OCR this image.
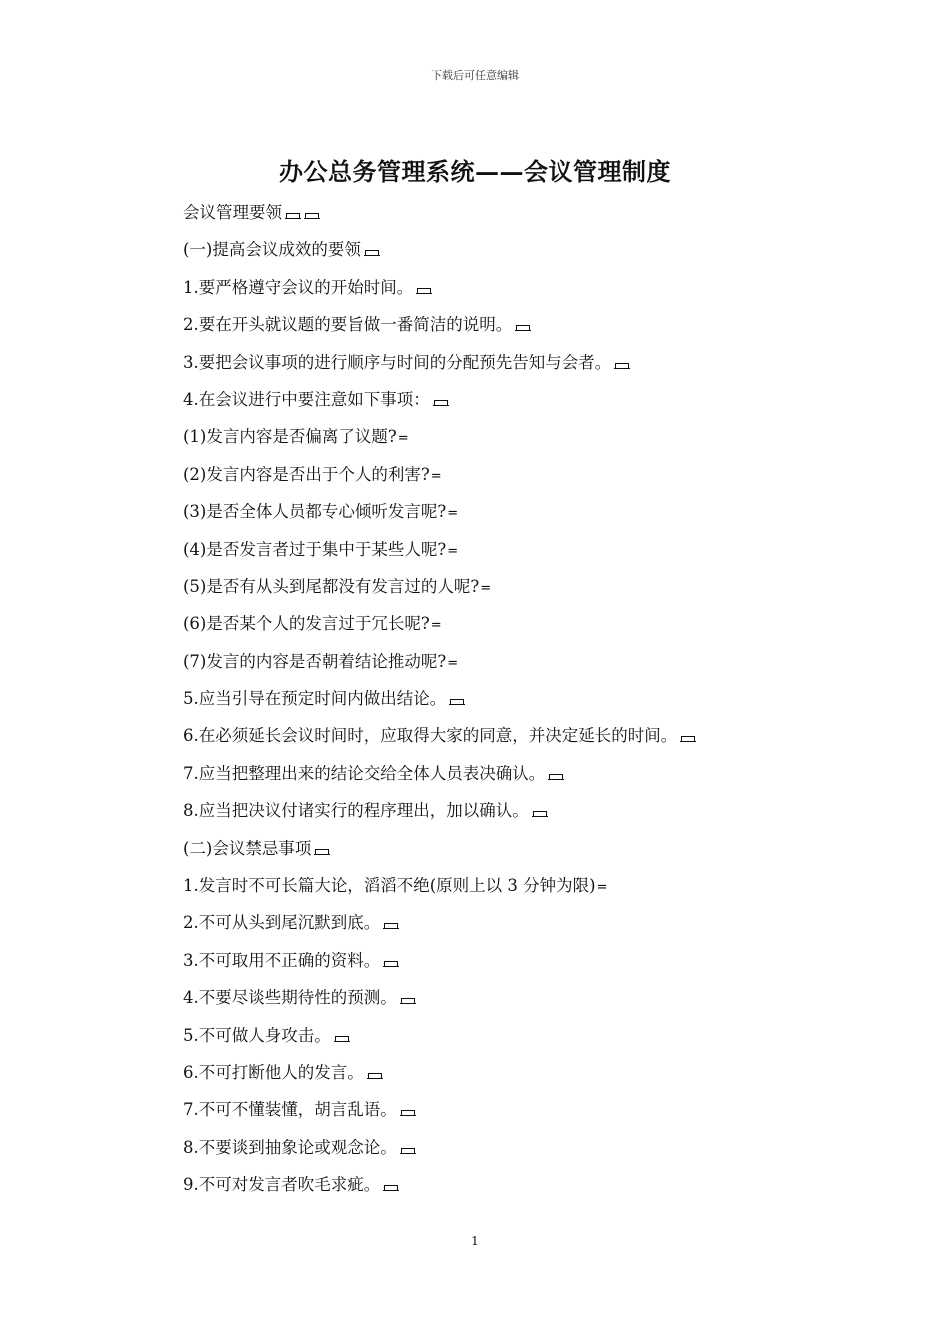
下载后可任意编辑
办公总务管理系统——会议管理制度
会议管理要领
(一)提高会议成效的要领
1.要严格遵守会议的开始时间。
2.要在开头就议题的要旨做一番简洁的说明。
3.要把会议事项的进行顺序与时间的分配预先告知与会者。
4.在会议进行中要注意如下事项：
(1)发言内容是否偏离了议题?=
(2)发言内容是否出于个人的利害?=
(3)是否全体人员都专心倾听发言呢?=
(4)是否发言者过于集中于某些人呢?=
(5)是否有从头到尾都没有发言过的人呢?=
(6)是否某个人的发言过于冗长呢?=
(7)发言的内容是否朝着结论推动呢?=
5.应当引导在预定时间内做出结论。
6.在必须延长会议时间时，应取得大家的同意，并决定延长的时间。
7.应当把整理出来的结论交给全体人员表决确认。
8.应当把决议付诸实行的程序理出，加以确认。
(二)会议禁忌事项
1.发言时不可长篇大论，滔滔不绝(原则上以 3 分钟为限)=
2.不可从头到尾沉默到底。
3.不可取用不正确的资料。
4.不要尽谈些期待性的预测。
5.不可做人身攻击。
6.不可打断他人的发言。
7.不可不懂装懂，胡言乱语。
8.不要谈到抽象论或观念论。
9.不可对发言者吹毛求疵。
1
